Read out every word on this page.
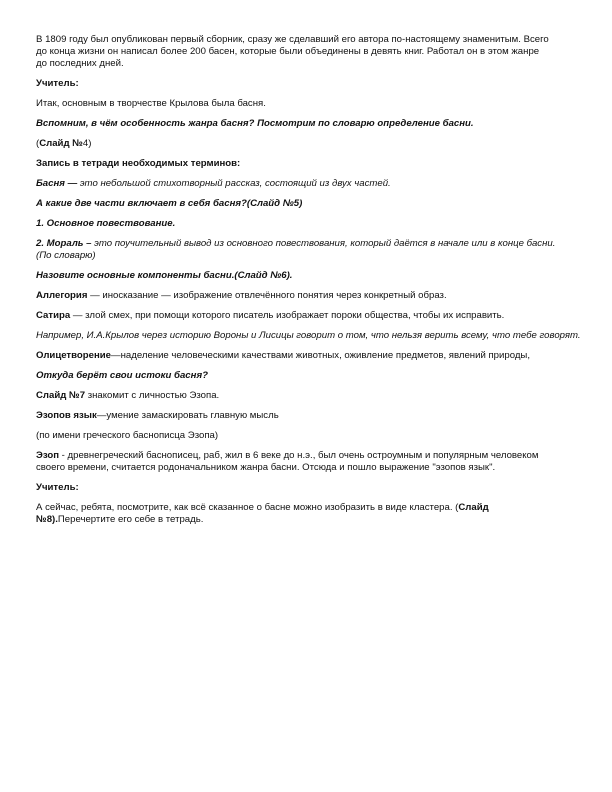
В 1809 году был опубликован первый сборник, сразу же сделавший его автора по-настоящему знаменитым. Всего
до конца жизни он написал более 200 басен, которые были объединены в девять книг. Работал он в этом жанре
до последних дней.
Учитель:
Итак, основным в творчестве Крылова была басня.
Вспомним, в чём особенность жанра басня? Посмотрим по словарю определение басни.
(Слайд №4)
Запись в тетради необходимых терминов:
Басня — это небольшой стихотворный рассказ, состоящий из двух частей.
А какие две части включает в себя басня?(Слайд №5)
1. Основное повествование.
2. Мораль – это поучительный вывод из основного повествования, который даётся в начале или в конце басни.
(По словарю)
Назовите основные компоненты басни.(Слайд №6).
Аллегория — иносказание — изображение отвлечённого понятия через конкретный образ.
Сатира — злой смех, при помощи которого писатель изображает пороки общества, чтобы их исправить.
Например, И.А.Крылов через историю Вороны и Лисицы говорит о том, что нельзя верить всему, что тебе говорят.
Олицетворение—наделение человеческими качествами животных, оживление предметов, явлений природы,
Откуда берёт свои истоки басня?
Слайд №7 знакомит с личностью Эзопа.
Эзопов язык—умение замаскировать главную мысль
(по имени греческого баснописца Эзопа)
Эзоп - древнегреческий баснописец, раб, жил в 6 веке до н.э., был очень остроумным и популярным человеком
своего времени, считается родоначальником жанра басни. Отсюда и пошло выражение "эзопов язык".
Учитель:
А сейчас, ребята, посмотрите, как всё сказанное о басне можно изобразить в виде кластера. (Слайд
№8).Перечертите его себе в тетрадь.
